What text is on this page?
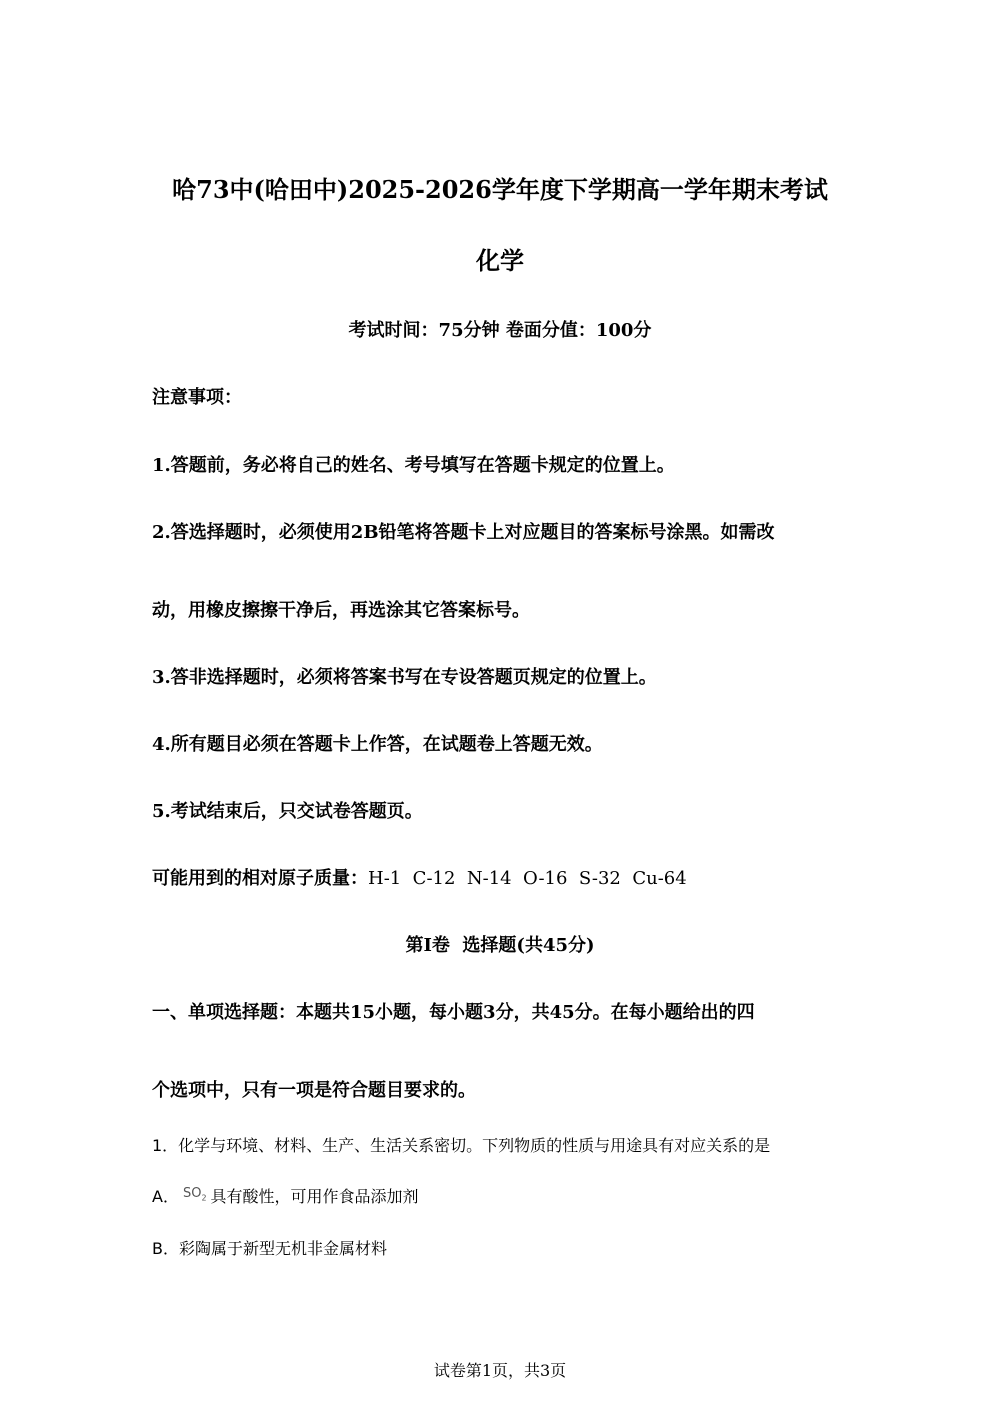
哈73中(哈田中)2025-2026学年度下学期高一学年期末考试
化学
考试时间：75分钟 卷面分值：100分
注意事项：
1.答题前，务必将自己的姓名、考号填写在答题卡规定的位置上。
2.答选择题时，必须使用2B铅笔将答题卡上对应题目的答案标号涂黑。如需改
动，用橡皮擦擦干净后，再选涂其它答案标号。
3.答非选择题时，必须将答案书写在专设答题页规定的位置上。
4.所有题目必须在答题卡上作答，在试题卷上答题无效。
5.考试结束后，只交试卷答题页。
可能用到的相对原子质量：H-1  C-12  N-14  O-16  S-32  Cu-64
第Ⅰ卷  选择题(共45分)
一、单项选择题：本题共15小题，每小题3分，共45分。在每小题给出的四
个选项中，只有一项是符合题目要求的。
1．化学与环境、材料、生产、生活关系密切。下列物质的性质与用途具有对应关系的是
A． $^{SO_2}$ 具有酸性，可用作食品添加剂
B．彩陶属于新型无机非金属材料
试卷第1页，共3页
